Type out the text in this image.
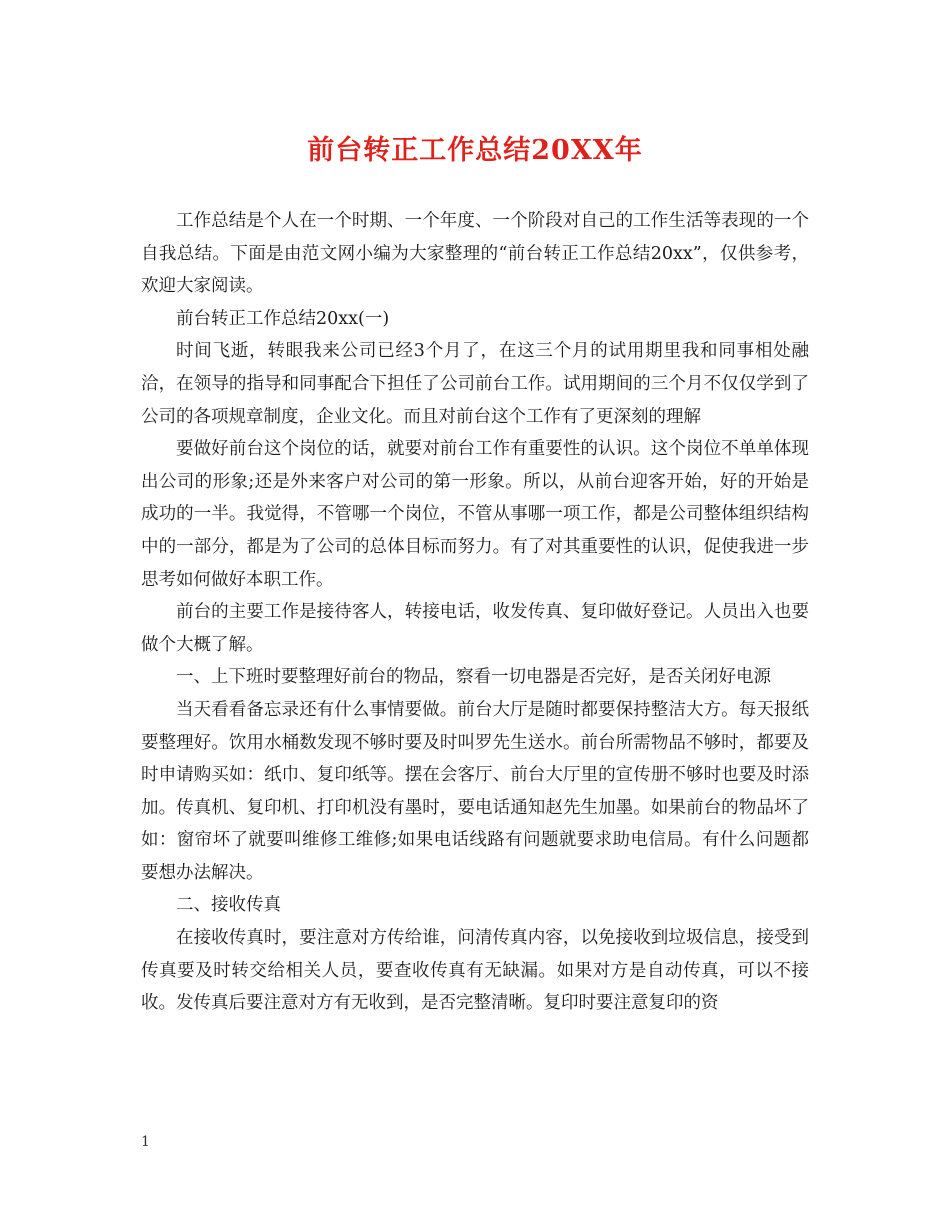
前台转正工作总结20XX年

工作总结是个人在一个时期、一个年度、一个阶段对自己的工作生活等表现的一个自我总结。下面是由范文网小编为大家整理的“前台转正工作总结20xx”，仅供参考，欢迎大家阅读。

前台转正工作总结20xx(一)

时间飞逝，转眼我来公司已经3个月了，在这三个月的试用期里我和同事相处融洽，在领导的指导和同事配合下担任了公司前台工作。试用期间的三个月不仅仅学到了公司的各项规章制度，企业文化。而且对前台这个工作有了更深刻的理解

要做好前台这个岗位的话，就要对前台工作有重要性的认识。这个岗位不单单体现出公司的形象;还是外来客户对公司的第一形象。所以，从前台迎客开始，好的开始是成功的一半。我觉得，不管哪一个岗位，不管从事哪一项工作，都是公司整体组织结构中的一部分，都是为了公司的总体目标而努力。有了对其重要性的认识，促使我进一步思考如何做好本职工作。

前台的主要工作是接待客人，转接电话，收发传真、复印做好登记。人员出入也要做个大概了解。

一、上下班时要整理好前台的物品，察看一切电器是否完好，是否关闭好电源

当天看看备忘录还有什么事情要做。前台大厅是随时都要保持整洁大方。每天报纸要整理好。饮用水桶数发现不够时要及时叫罗先生送水。前台所需物品不够时，都要及时申请购买如：纸巾、复印纸等。摆在会客厅、前台大厅里的宣传册不够时也要及时添加。传真机、复印机、打印机没有墨时，要电话通知赵先生加墨。如果前台的物品坏了如：窗帘坏了就要叫维修工维修;如果电话线路有问题就要求助电信局。有什么问题都要想办法解决。

二、接收传真

在接收传真时，要注意对方传给谁，问清传真内容，以免接收到垃圾信息，接受到传真要及时转交给相关人员，要查收传真有无缺漏。如果对方是自动传真，可以不接收。发传真后要注意对方有无收到，是否完整清晰。复印时要注意复印的资

1
